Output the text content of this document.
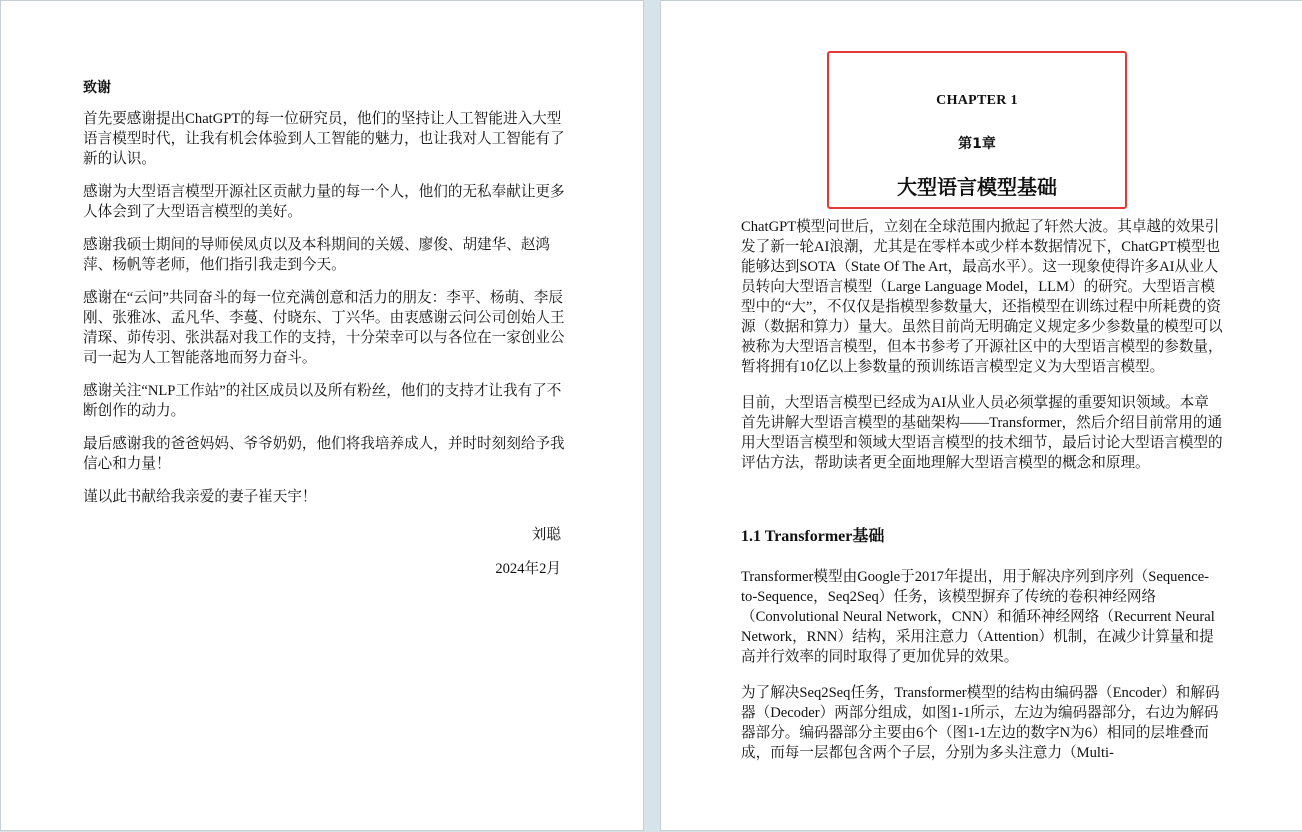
致谢

首先要感谢提出ChatGPT的每一位研究员，他们的坚持让人工智能进入大型语言模型时代，让我有机会体验到人工智能的魅力，也让我对人工智能有了新的认识。

感谢为大型语言模型开源社区贡献力量的每一个人，他们的无私奉献让更多人体会到了大型语言模型的美好。

感谢我硕士期间的导师侯凤贞以及本科期间的关媛、廖俊、胡建华、赵鸿萍、杨帆等老师，他们指引我走到今天。

感谢在“云问”共同奋斗的每一位充满创意和活力的朋友：李平、杨萌、李辰刚、张雅冰、孟凡华、李蔓、付晓东、丁兴华。由衷感谢云问公司创始人王清琛、茆传羽、张洪磊对我工作的支持，十分荣幸可以与各位在一家创业公司一起为人工智能落地而努力奋斗。

感谢关注“NLP工作站”的社区成员以及所有粉丝，他们的支持才让我有了不断创作的动力。

最后感谢我的爸爸妈妈、爷爷奶奶，他们将我培养成人，并时时刻刻给予我信心和力量！

谨以此书献给我亲爱的妻子崔天宇！

刘聪
2024年2月
CHAPTER 1
第1章
大型语言模型基础

ChatGPT模型问世后，立刻在全球范围内掀起了轩然大波。其卓越的效果引发了新一轮AI浪潮，尤其是在零样本或少样本数据情况下，ChatGPT模型也能够达到SOTA（State Of The Art，最高水平）。这一现象使得许多AI从业人员转向大型语言模型（Large Language Model，LLM）的研究。大型语言模型中的“大”，不仅仅是指模型参数量大，还指模型在训练过程中所耗费的资源（数据和算力）量大。虽然目前尚无明确定义规定多少参数量的模型可以被称为大型语言模型，但本书参考了开源社区中的大型语言模型的参数量，暂将拥有10亿以上参数量的预训练语言模型定义为大型语言模型。

目前，大型语言模型已经成为AI从业人员必须掌握的重要知识领域。本章首先讲解大型语言模型的基础架构——Transformer，然后介绍目前常用的通用大型语言模型和领域大型语言模型的技术细节，最后讨论大型语言模型的评估方法，帮助读者更全面地理解大型语言模型的概念和原理。

1.1 Transformer基础

Transformer模型由Google于2017年提出，用于解决序列到序列（Sequence-to-Sequence，Seq2Seq）任务，该模型摒弃了传统的卷积神经网络（Convolutional Neural Network，CNN）和循环神经网络（Recurrent Neural Network，RNN）结构，采用注意力（Attention）机制，在减少计算量和提高并行效率的同时取得了更加优异的效果。

为了解决Seq2Seq任务，Transformer模型的结构由编码器（Encoder）和解码器（Decoder）两部分组成，如图1-1所示，左边为编码器部分，右边为解码器部分。编码器部分主要由6个（图1-1左边的数字N为6）相同的层堆叠而成，而每一层都包含两个子层，分别为多头注意力（Multi-
